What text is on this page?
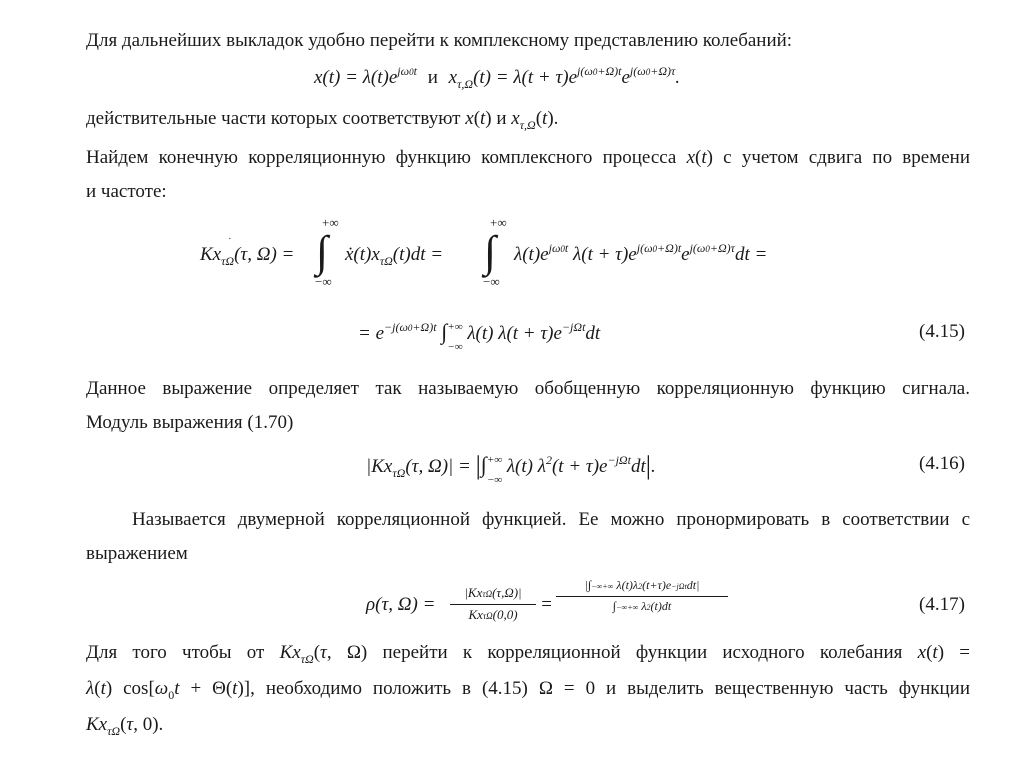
Для дальнейших выкладок удобно перейти к комплексному представлению колебаний:
$x(t) = \lambda(t)e^{j\omega 0t}$ и $x_{\tau,\Omega}(t) = \lambda(t + \tau)e^{j(\omega 0+\Omega)t}e^{j(\omega 0+\Omega)\tau}$.
действительные части которых соответствуют x(t) и $x_{\tau,\Omega}(t)$.
Найдем конечную корреляционную функцию комплексного процесса x(t) с учетом сдвига по времени
и частоте:
$Kx_{\tau\Omega}(\tau$, Ω) =
˙
+∞
∫
−∞
$ẋ(t)x_{\tau\Omega}(t)dt$ =
+∞
∫
−∞
$\lambda(t)e^{j\omega 0t}$ $\lambda(t + \tau)e^{j(\omega 0+\Omega)t}e^{j(\omega 0+\Omega)\tau}dt$ =
= $e^{-j(\omega 0+\Omega)t}$ ∫ +∞
−∞
λ(t) $\lambda(t + \tau)e^{-j\Omega t}dt$	(4.15)
Данное выражение определяет так называемую обобщенную корреляционную функцию сигнала.
Модуль выражения (1.70)
$|Kx_{\tau\Omega}(\tau$, Ω)| = |∫ +∞
−∞
λ(t) $\lambda^2(t + \tau)e^{-j\Omega t}dt|$.	(4.16)
Называется двумерной корреляционной функцией. Ее можно пронормировать в соответствии с
выражением
ρ(τ, Ω) =
|KxτΩ(τ,Ω)|
KxτΩ(0,0)	=
|∫−∞+∞ λ(t)λ2(t+τ)e−jΩtdt|
∫−∞+∞ λ2(t)dt	(4.17)
Для того чтобы от $Kx_{\tau\Omega}(\tau$, Ω) перейти к корреляционной функции исходного колебания x(t) =
λ(t) $\cos[\omega_0t + \Theta(t)]$, необходимо положить в (4.15) Ω = 0 и выделить вещественную часть функции
$Kx_{\tau\Omega}(\tau$, 0).
